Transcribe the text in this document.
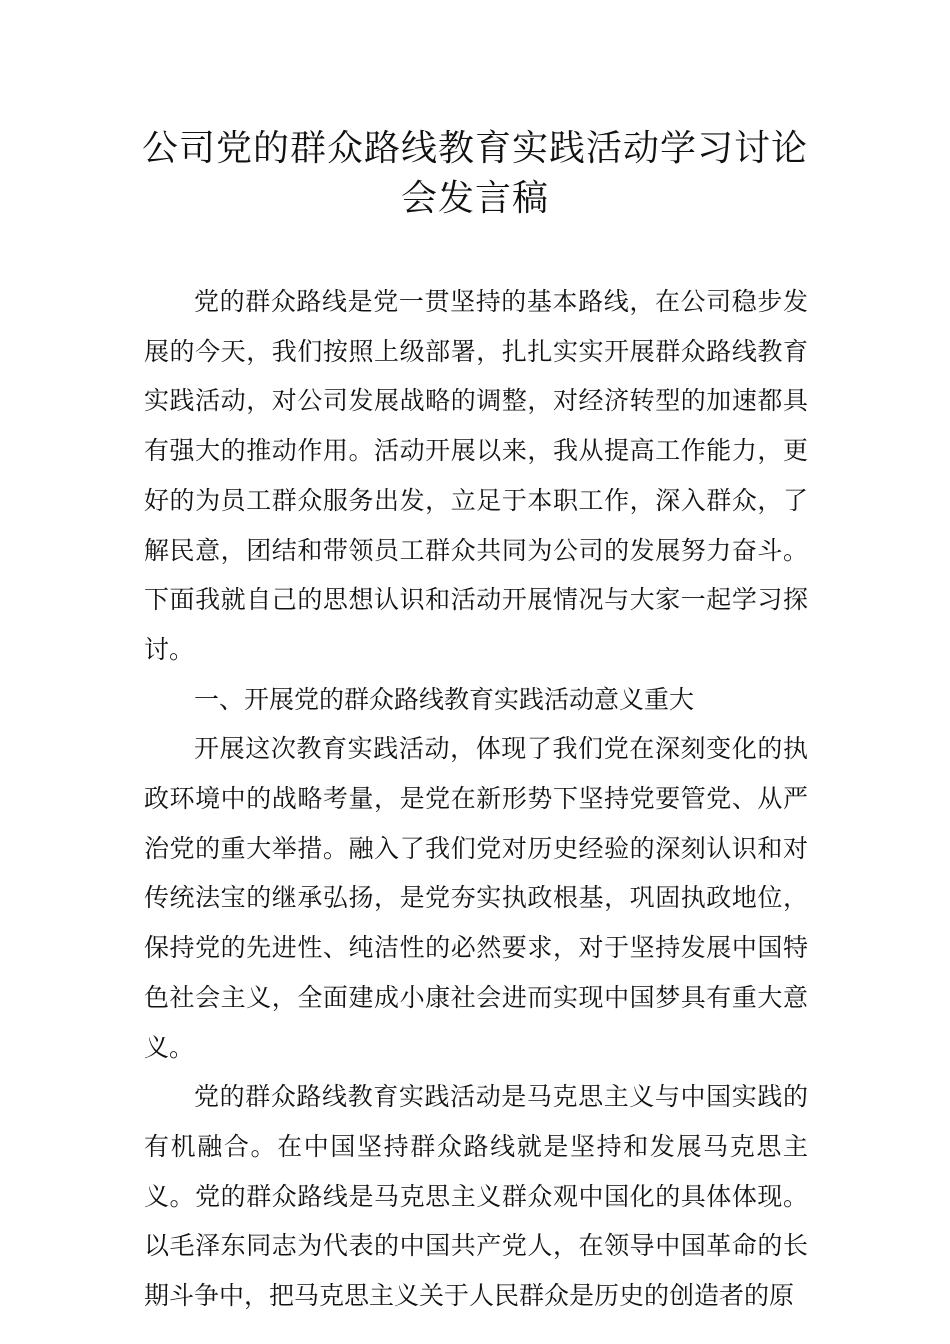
公司党的群众路线教育实践活动学习讨论
会发言稿

党的群众路线是党一贯坚持的基本路线，在公司稳步发展的今天，我们按照上级部署，扎扎实实开展群众路线教育实践活动，对公司发展战略的调整，对经济转型的加速都具有强大的推动作用。活动开展以来，我从提高工作能力，更好的为员工群众服务出发，立足于本职工作，深入群众，了解民意，团结和带领员工群众共同为公司的发展努力奋斗。下面我就自己的思想认识和活动开展情况与大家一起学习探讨。

一、开展党的群众路线教育实践活动意义重大

开展这次教育实践活动，体现了我们党在深刻变化的执政环境中的战略考量，是党在新形势下坚持党要管党、从严治党的重大举措。融入了我们党对历史经验的深刻认识和对传统法宝的继承弘扬，是党夯实执政根基，巩固执政地位，保持党的先进性、纯洁性的必然要求，对于坚持发展中国特色社会主义，全面建成小康社会进而实现中国梦具有重大意义。

党的群众路线教育实践活动是马克思主义与中国实践的有机融合。在中国坚持群众路线就是坚持和发展马克思主义。党的群众路线是马克思主义群众观中国化的具体体现。以毛泽东同志为代表的中国共产党人，在领导中国革命的长期斗争中，把马克思主义关于人民群众是历史的创造者的原
